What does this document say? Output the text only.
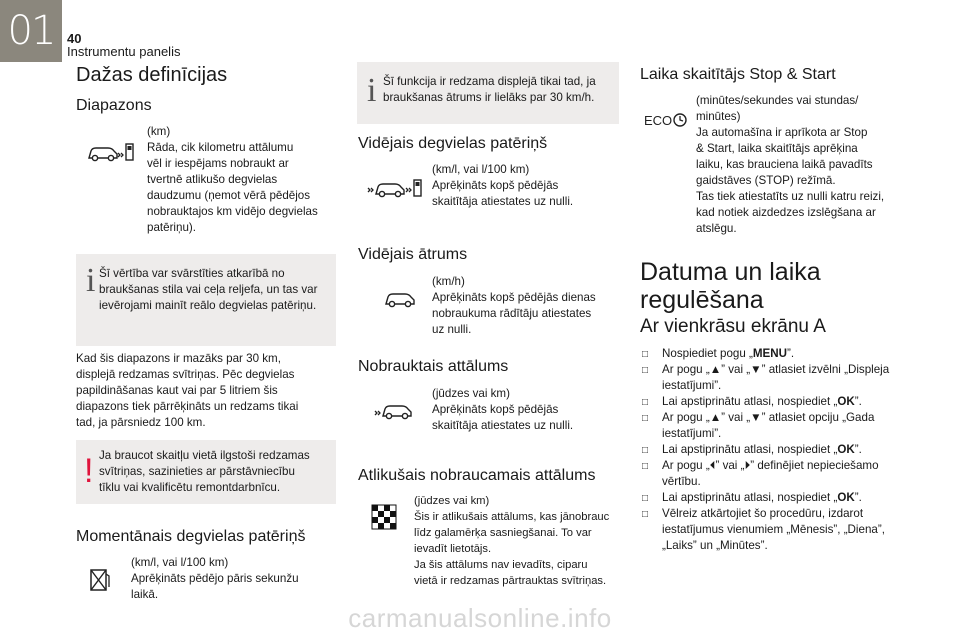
01 40
Instrumentu panelis
Dažas definīcijas
Diapazons
(km)
Rāda, cik kilometru attālumu
vēl ir iespējams nobraukt ar
tvertnē atlikušo degvielas
daudzumu (ņemot vērā pēdējos
nobrauktajos km vidējo degvielas
patēriņu).
i Šī vērtība var svārstīties atkarībā no
braukšanas stila vai ceļa reljefa, un tas var
ievērojami mainīt reālo degvielas patēriņu.
Kad šis diapazons ir mazāks par 30 km,
displejā redzamas svītriņas. Pēc degvielas
papildināšanas kaut vai par 5 litriem šis
diapazons tiek pārrēķināts un redzams tikai
tad, ja pārsniedz 100 km.
! Ja braucot skaitļu vietā ilgstoši redzamas
svītriņas, sazinieties ar pārstāvniecību
tīklu vai kvalificētu remontdarbnīcu.
Momentānais degvielas patēriņš
(km/l, vai l/100 km)
Aprēķināts pēdējo pāris sekunžu
laikā.
i Šī funkcija ir redzama displejā tikai tad, ja
braukšanas ātrums ir lielāks par 30 km/h.
Vidējais degvielas patēriņš
(km/l, vai l/100 km)
Aprēķināts kopš pēdējās
skaitītāja atiestates uz nulli.
Vidējais ātrums
(km/h)
Aprēķināts kopš pēdējās dienas
nobraukuma rādītāju atiestates
uz nulli.
Nobrauktais attālums
(jūdzes vai km)
Aprēķināts kopš pēdējās
skaitītāja atiestates uz nulli.
Atlikušais nobraucamais attālums
(jūdzes vai km)
Šis ir atlikušais attālums, kas jānobrauc
līdz galamērķa sasniegšanai. To var
ievadīt lietotājs.
Ja šis attālums nav ievadīts, ciparu
vietā ir redzamas pārtrauktas svītriņas.
Laika skaitītājs Stop & Start
ECO
(minūtes/sekundes vai stundas/
minūtes)
Ja automašīna ir aprīkota ar Stop
& Start, laika skaitītājs aprēķina
laiku, kas brauciena laikā pavadīts
gaidstāves (STOP) režīmā.
Tas tiek atiestatīts uz nulli katru reizi,
kad notiek aizdedzes izslēgšana ar
atslēgu.
Datuma un laika
regulēšana
Ar vienkrāsu ekrānu A
□	Nospiediet pogu „MENU”.
□	Ar pogu „▲” vai „▼” atlasiet izvēlni „Displeja iestatījumi”.
□	Lai apstiprinātu atlasi, nospiediet „OK”.
□	Ar pogu „▲” vai „▼” atlasiet opciju „Gada iestatījumi”.
□	Lai apstiprinātu atlasi, nospiediet „OK”.
□	Ar pogu „⏴” vai „⏵” definējiet nepieciešamo vērtību.
□	Lai apstiprinātu atlasi, nospiediet „OK”.
□	Vēlreiz atkārtojiet šo procedūru, izdarot iestatījumus vienumiem „Mēnesis”, „Diena”, „Laiks” un „Minūtes”.
carmanualsonline.info
